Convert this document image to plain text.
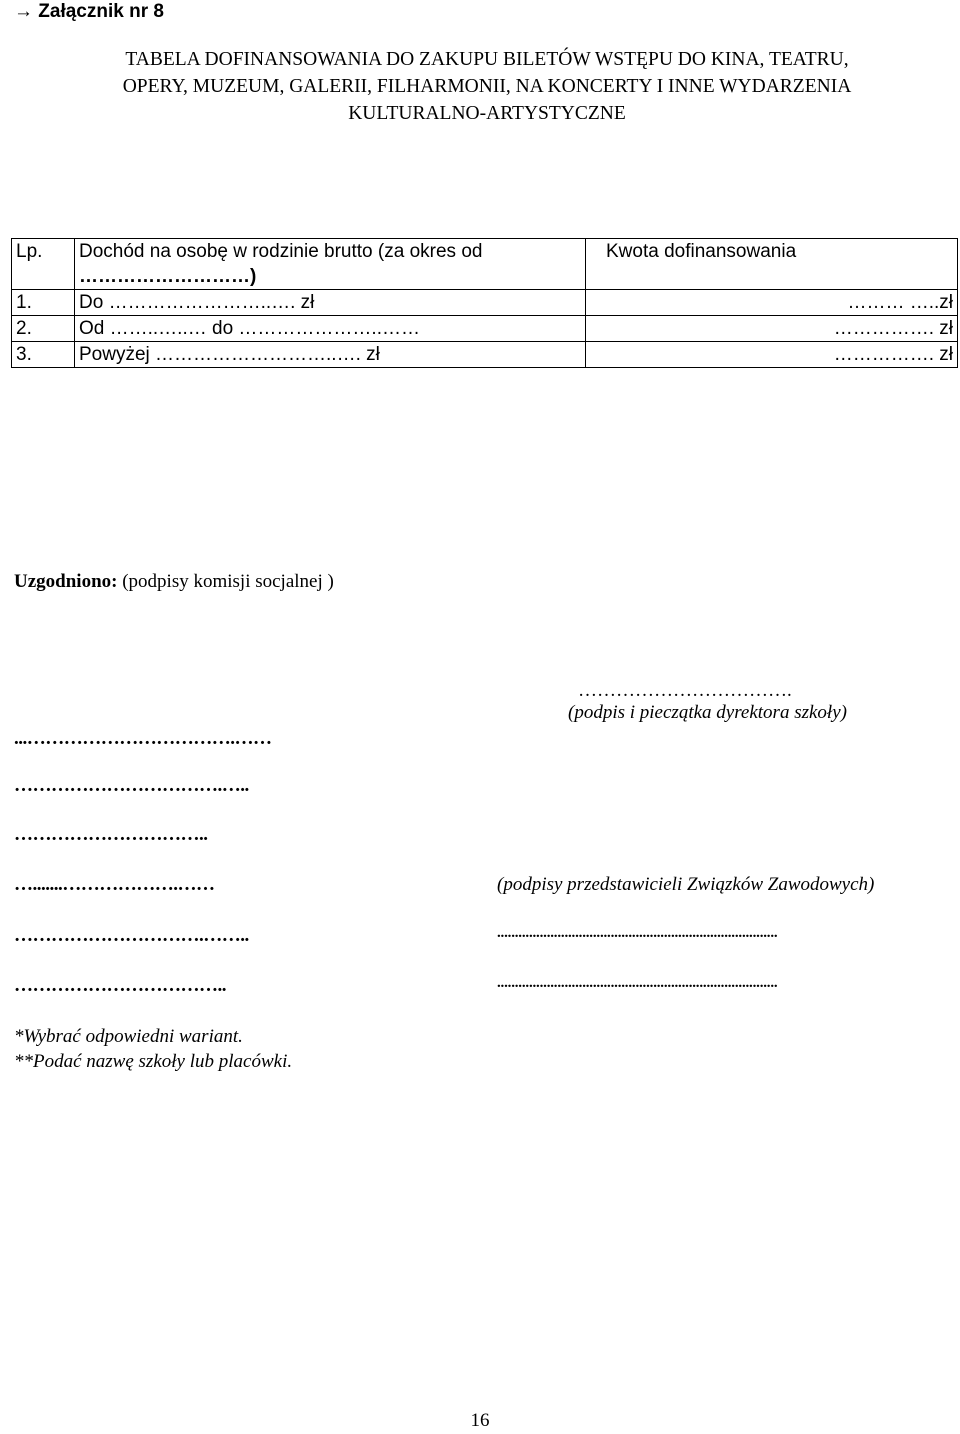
→ Załącznik nr 8
TABELA DOFINANSOWANIA DO ZAKUPU BILETÓW WSTĘPU DO KINA, TEATRU,
OPERY, MUZEUM, GALERII, FILHARMONII, NA KONCERTY I INNE WYDARZENIA
KULTURALNO-ARTYSTYCZNE
Lp.	Dochód na osobę w rodzinie brutto (za okres od
………………………)	Kwota dofinansowania
1.	Do ……………………..…. zł	……… …..zł
2.	Od ……..…..… do …………………..……	……………. zł
3.	Powyżej ………………………..…. zł	……………. zł
Uzgodniono: (podpisy komisji socjalnej )
...…………………………….……
…………………………….…..
…………………………..
….......……………….……
………………………….……..
……………………………..
…………………………….
(podpis i pieczątka dyrektora szkoły)
(podpisy przedstawicieli Związków Zawodowych)
...............................................................................
...............................................................................
*Wybrać odpowiedni wariant.
**Podać nazwę szkoły lub placówki.
16
